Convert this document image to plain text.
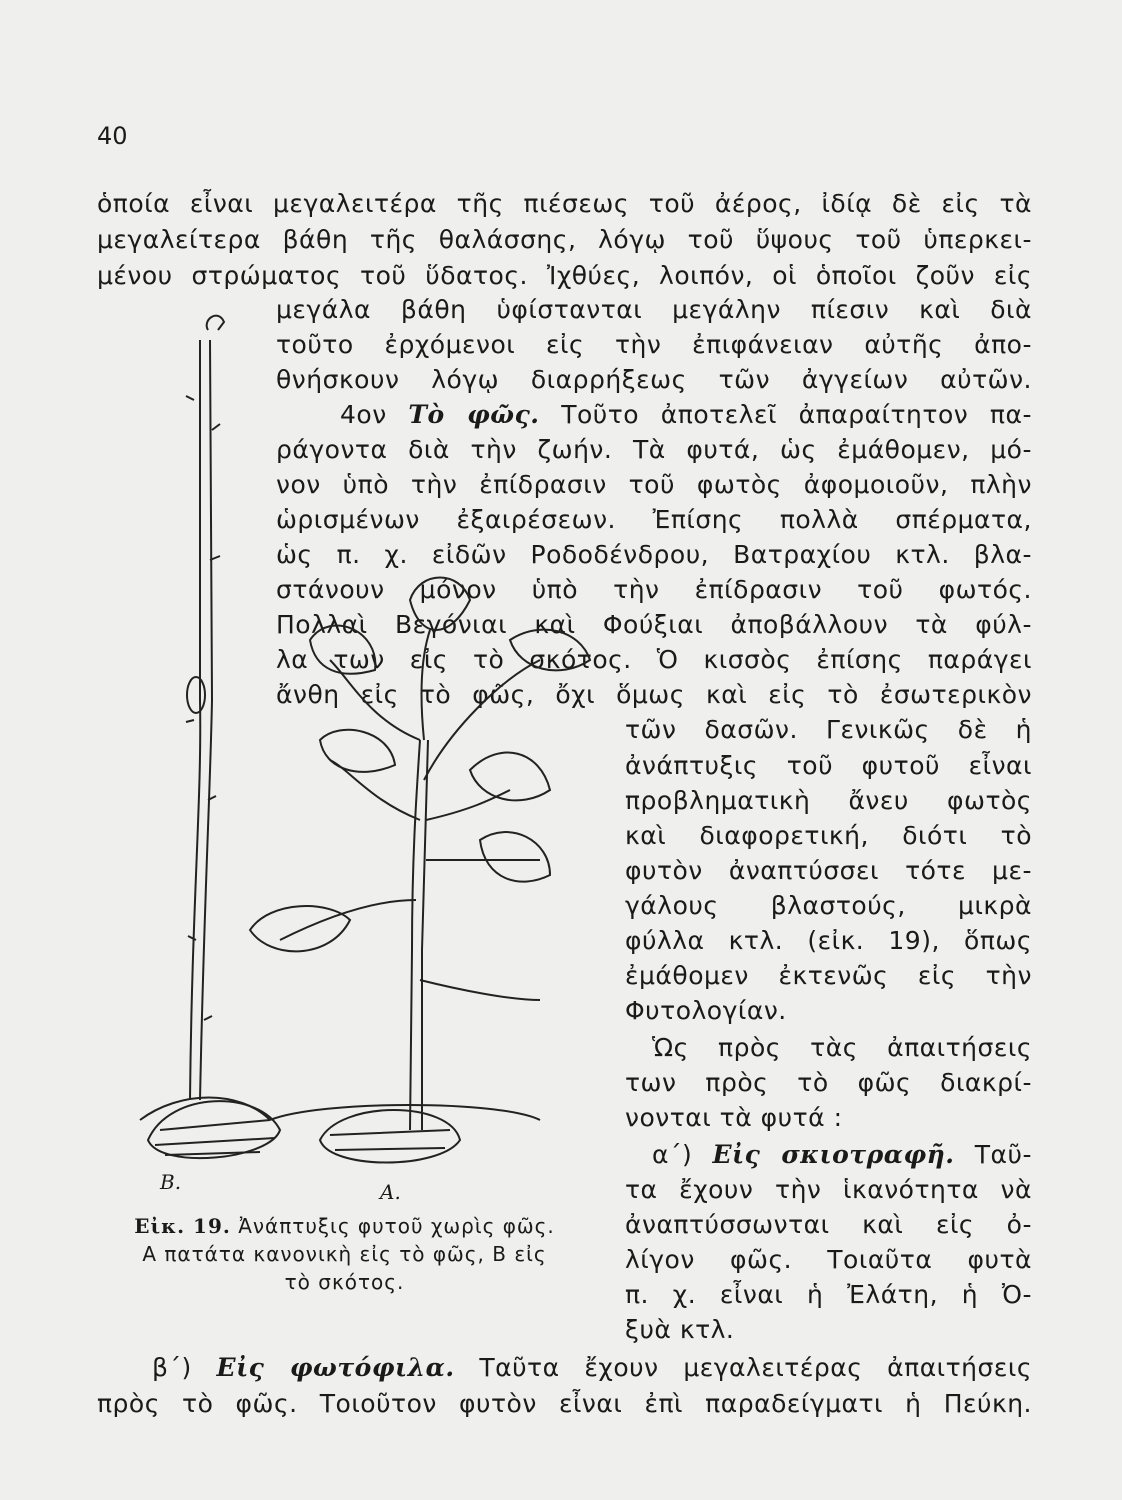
40
ὁποία εἶναι μεγαλειτέρα τῆς πιέσεως τοῦ ἀέρος, ἰδίᾳ δὲ εἰς τὰ
μεγαλείτερα βάθη τῆς θαλάσσης, λόγῳ τοῦ ὕψους τοῦ ὑπερκει-
μένου στρώματος τοῦ ὕδατος. Ἰχθύες, λοιπόν, οἱ ὁποῖοι ζοῦν εἰς
μεγάλα βάθη ὑφίστανται μεγάλην πίεσιν καὶ διὰ
τοῦτο ἐρχόμενοι εἰς τὴν ἐπιφάνειαν αὐτῆς ἀπο-
θνήσκουν λόγῳ διαρρήξεως τῶν ἀγγείων αὐτῶν.
4ον Τὸ φῶς. Τοῦτο ἀποτελεῖ ἀπαραίτητον πα-
ράγοντα διὰ τὴν ζωήν. Τὰ φυτά, ὡς ἐμάθομεν, μό-
νον ὑπὸ τὴν ἐπίδρασιν τοῦ φωτὸς ἀφομοιοῦν, πλὴν
ὡρισμένων ἐξαιρέσεων. Ἐπίσης πολλὰ σπέρματα,
ὡς π. χ. εἰδῶν Ροδοδένδρου, Βατραχίου κτλ. βλα-
στάνουν μόνον ὑπὸ τὴν ἐπίδρασιν τοῦ φωτός.
Πολλαὶ Βεγόνιαι καὶ Φούξιαι ἀποβάλλουν τὰ φύλ-
λα των εἰς τὸ σκότος. Ὁ κισσὸς ἐπίσης παράγει
ἄνθη εἰς τὸ φῶς, ὄχι ὅμως καὶ εἰς τὸ ἐσωτερικὸν
τῶν δασῶν. Γενικῶς δὲ ἡ
ἀνάπτυξις τοῦ φυτοῦ εἶναι
προβληματικὴ ἄνευ φωτὸς
καὶ διαφορετική, διότι τὸ
φυτὸν ἀναπτύσσει τότε με-
γάλους βλαστούς, μικρὰ
φύλλα κτλ. (εἰκ. 19), ὅπως
ἐμάθομεν ἐκτενῶς εἰς τὴν
Φυτολογίαν.
Ὡς πρὸς τὰς ἀπαιτήσεις
των πρὸς τὸ φῶς διακρί-
νονται τὰ φυτά :
α΄) Εἰς σκιοτραφῆ. Ταῦ-
τα ἔχουν τὴν ἱκανότητα νὰ
ἀναπτύσσωνται καὶ εἰς ὀ-
λίγον φῶς. Τοιαῦτα φυτὰ
π. χ. εἶναι ἡ Ἐλάτη, ἡ Ὀ-
ξυὰ κτλ.
β΄) Εἰς φωτόφιλα. Ταῦτα ἔχουν μεγαλειτέρας ἀπαιτήσεις
πρὸς τὸ φῶς. Τοιοῦτον φυτὸν εἶναι ἐπὶ παραδείγματι ἡ Πεύκη.
Β.	Α.
Εἰκ. 19. Ἀνάπτυξις φυτοῦ χωρὶς φῶς.
Α πατάτα κανονικὴ εἰς τὸ φῶς, Β εἰς
τὸ σκότος.
